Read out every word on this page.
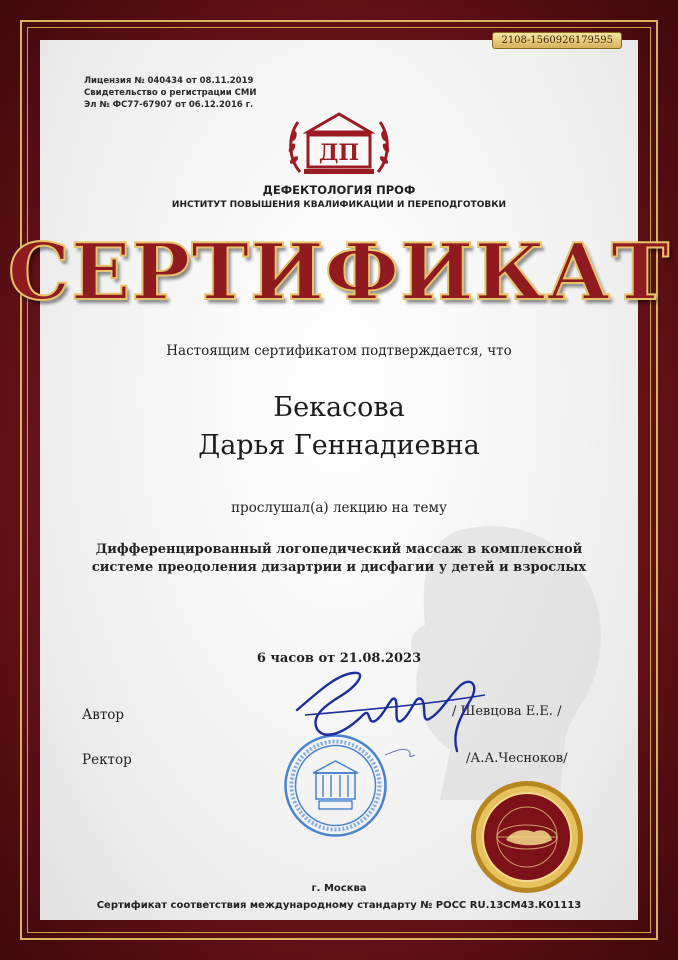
2108-1560926179595
Лицензия № 040434 от 08.11.2019
Свидетельство о регистрации СМИ
Эл № ФС77-67907 от 06.12.2016 г.
ДП
ДЕФЕКТОЛОГИЯ ПРОФ
ИНСТИТУТ ПОВЫШЕНИЯ КВАЛИФИКАЦИИ И ПЕРЕПОДГОТОВКИ
СЕРТИФИКАТ
Настоящим сертификатом подтверждается, что
Бекасова
Дарья Геннадиевна
прослушал(а) лекцию на тему
Дифференцированный логопедический массаж в комплексной
системе преодоления дизартрии и дисфагии у детей и взрослых
6 часов от 21.08.2023
Автор	/ Шевцова Е.Е. /
Ректор	/А.А.Чесноков/
г. Москва
Сертификат соответствия международному стандарту № РОСС RU.13СМ43.К01113
